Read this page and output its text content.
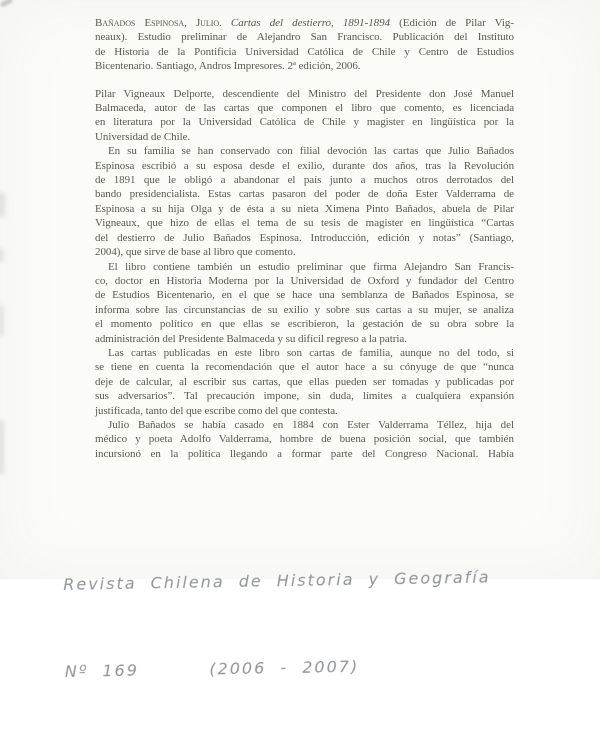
Bañados Espinosa, Julio. Cartas del destierro, 1891-1894 (Edición de Pilar Vig-
neaux). Estudio preliminar de Alejandro San Francisco. Publicación del Instituto
de Historia de la Pontificia Universidad Católica de Chile y Centro de Estudios
Bicentenario. Santiago, Andros Impresores. 2ª edición, 2006.
Pilar Vigneaux Delporte, descendiente del Ministro del Presidente don José Manuel
Balmaceda, autor de las cartas que componen el libro que comento, es licenciada
en literatura por la Universidad Católica de Chile y magister en lingüística por la
Universidad de Chile.
En su familia se han conservado con filial devoción las cartas que Julio Bañados
Espinosa escribió a su esposa desde el exilio, durante dos años, tras la Revolución
de 1891 que le obligó a abandonar el país junto a muchos otros derrotados del
bando presidencialista. Estas cartas pasaron del poder de doña Ester Valderrama de
Espinosa a su hija Olga y de ésta a su nieta Ximena Pinto Bañados, abuela de Pilar
Vigneaux, que hizo de ellas el tema de su tesis de magister en lingüística “Cartas
del destierro de Julio Bañados Espinosa. Introducción, edición y notas” (Santiago,
2004), que sirve de base al libro que comento.
El libro contiene también un estudio preliminar que firma Alejandro San Francis-
co, doctor en Historia Moderna por la Universidad de Oxford y fundador del Centro
de Estudios Bicentenario, en el que se hace una semblanza de Bañados Espinosa, se
informa sobre las circunstancias de su exilio y sobre sus cartas a su mujer, se analiza
el momento político en que ellas se escribieron, la gestación de su obra sobre la
administración del Presidente Balmaceda y su difícil regreso a la patria.
Las cartas publicadas en este libro son cartas de familia, aunque no del todo, si
se tiene en cuenta la recomendación que el autor hace a su cónyuge de que “nunca
deje de calcular, al escribir sus cartas, que ellas pueden ser tomadas y publicadas por
sus adversarios”. Tal precaución impone, sin duda, límites a cualquiera expansión
justificada, tanto del que escribe como del que contesta.
Julio Bañados se había casado en 1884 con Ester Valderrama Téllez, hija del
médico y poeta Adolfo Valderrama, hombre de buena posición social, que también
incursionó en la política llegando a formar parte del Congreso Nacional. Había

Revista Chilena de Historia y Geografía

Nº 169     (2006 - 2007)
